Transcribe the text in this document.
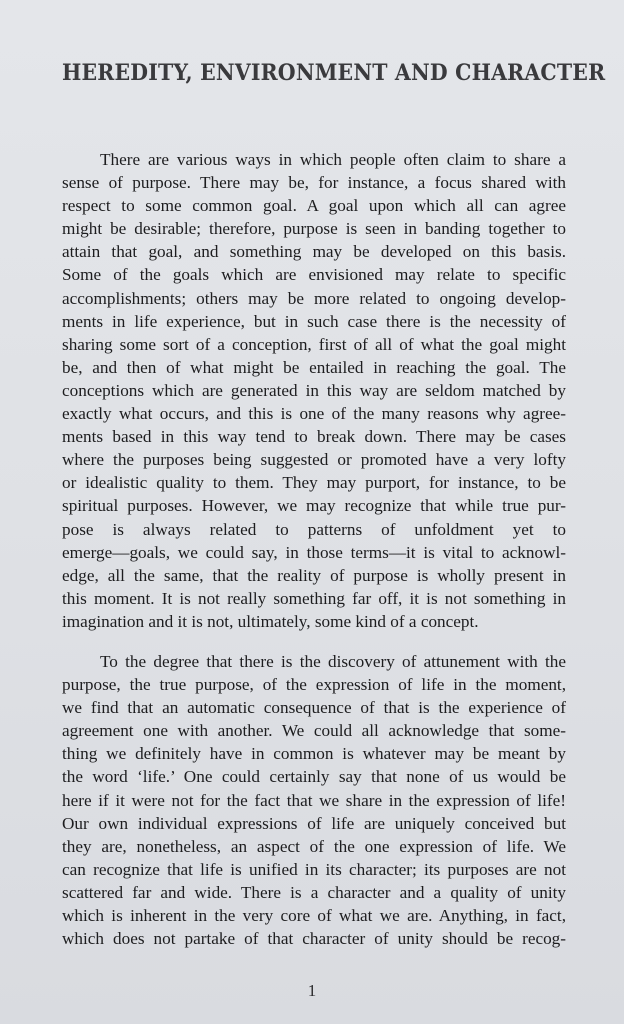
HEREDITY, ENVIRONMENT AND CHARACTER
There are various ways in which people often claim to share a
sense of purpose. There may be, for instance, a focus shared with
respect to some common goal. A goal upon which all can agree
might be desirable; therefore, purpose is seen in banding together to
attain that goal, and something may be developed on this basis.
Some of the goals which are envisioned may relate to specific
accomplishments; others may be more related to ongoing develop-
ments in life experience, but in such case there is the necessity of
sharing some sort of a conception, first of all of what the goal might
be, and then of what might be entailed in reaching the goal. The
conceptions which are generated in this way are seldom matched by
exactly what occurs, and this is one of the many reasons why agree-
ments based in this way tend to break down. There may be cases
where the purposes being suggested or promoted have a very lofty
or idealistic quality to them. They may purport, for instance, to be
spiritual purposes. However, we may recognize that while true pur-
pose is always related to patterns of unfoldment yet to
emerge—goals, we could say, in those terms—it is vital to acknowl-
edge, all the same, that the reality of purpose is wholly present in
this moment. It is not really something far off, it is not something in
imagination and it is not, ultimately, some kind of a concept.
To the degree that there is the discovery of attunement with the
purpose, the true purpose, of the expression of life in the moment,
we find that an automatic consequence of that is the experience of
agreement one with another. We could all acknowledge that some-
thing we definitely have in common is whatever may be meant by
the word ‘life.’ One could certainly say that none of us would be
here if it were not for the fact that we share in the expression of life!
Our own individual expressions of life are uniquely conceived but
they are, nonetheless, an aspect of the one expression of life. We
can recognize that life is unified in its character; its purposes are not
scattered far and wide. There is a character and a quality of unity
which is inherent in the very core of what we are. Anything, in fact,
which does not partake of that character of unity should be recog-
1
